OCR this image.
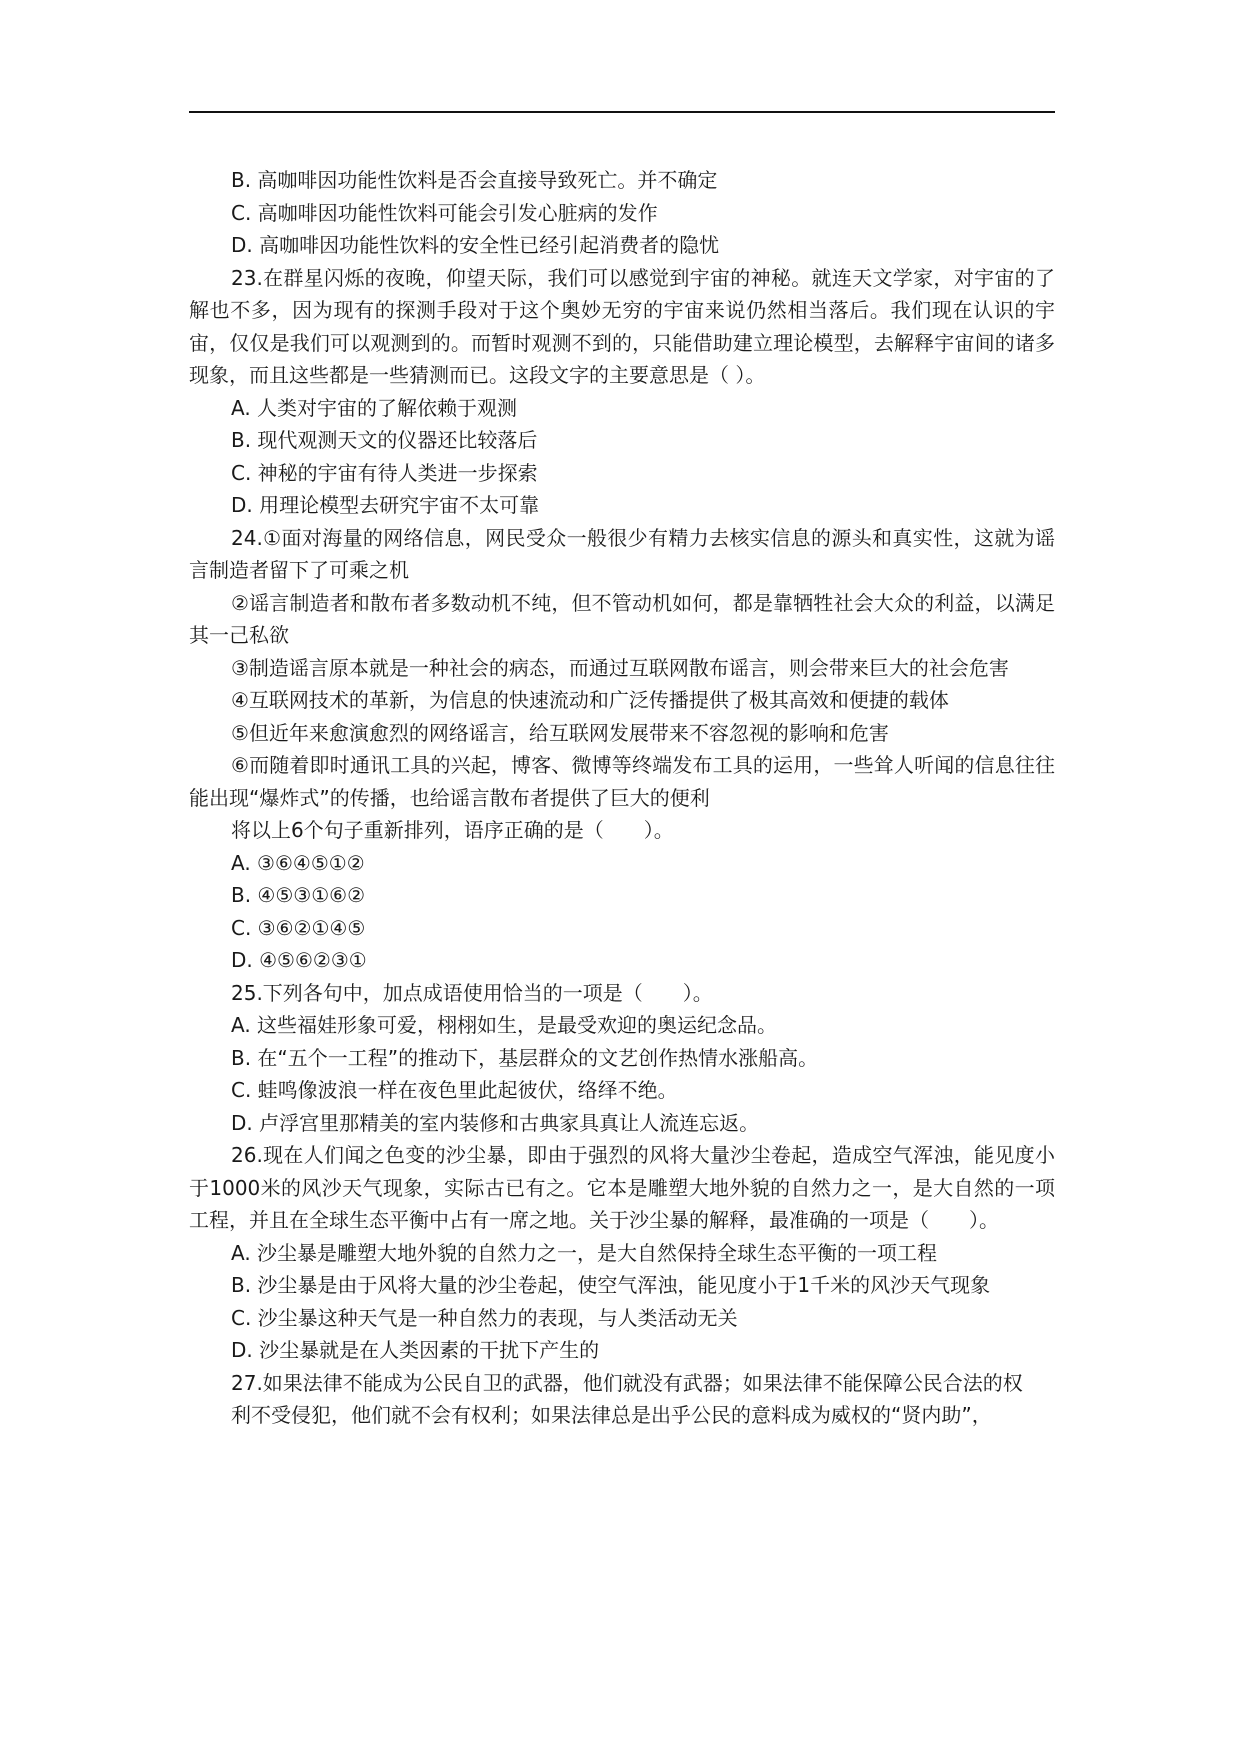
B. 高咖啡因功能性饮料是否会直接导致死亡。并不确定

C. 高咖啡因功能性饮料可能会引发心脏病的发作

D. 高咖啡因功能性饮料的安全性已经引起消费者的隐忧

23.在群星闪烁的夜晚，仰望天际，我们可以感觉到宇宙的神秘。就连天文学家，对宇宙的了解也不多，因为现有的探测手段对于这个奥妙无穷的宇宙来说仍然相当落后。我们现在认识的宇宙，仅仅是我们可以观测到的。而暂时观测不到的，只能借助建立理论模型，去解释宇宙间的诸多现象，而且这些都是一些猜测而已。这段文字的主要意思是（ ）。

A. 人类对宇宙的了解依赖于观测

B. 现代观测天文的仪器还比较落后

C. 神秘的宇宙有待人类进一步探索

D. 用理论模型去研究宇宙不太可靠

24.①面对海量的网络信息，网民受众一般很少有精力去核实信息的源头和真实性，这就为谣言制造者留下了可乘之机

②谣言制造者和散布者多数动机不纯，但不管动机如何，都是靠牺牲社会大众的利益，以满足其一己私欲

③制造谣言原本就是一种社会的病态，而通过互联网散布谣言，则会带来巨大的社会危害

④互联网技术的革新，为信息的快速流动和广泛传播提供了极其高效和便捷的载体

⑤但近年来愈演愈烈的网络谣言，给互联网发展带来不容忽视的影响和危害

⑥而随着即时通讯工具的兴起，博客、微博等终端发布工具的运用，一些耸人听闻的信息往往能出现“爆炸式”的传播，也给谣言散布者提供了巨大的便利

将以上6个句子重新排列，语序正确的是（　　）。

A. ③⑥④⑤①②

B. ④⑤③①⑥②

C. ③⑥②①④⑤

D. ④⑤⑥②③①

25.下列各句中，加点成语使用恰当的一项是（　　）。

A. 这些福娃形象可爱，栩栩如生，是最受欢迎的奥运纪念品。

B. 在“五个一工程”的推动下，基层群众的文艺创作热情水涨船高。

C. 蛙鸣像波浪一样在夜色里此起彼伏，络绎不绝。

D. 卢浮宫里那精美的室内装修和古典家具真让人流连忘返。

26.现在人们闻之色变的沙尘暴，即由于强烈的风将大量沙尘卷起，造成空气浑浊，能见度小于1000米的风沙天气现象，实际古已有之。它本是雕塑大地外貌的自然力之一，是大自然的一项工程，并且在全球生态平衡中占有一席之地。关于沙尘暴的解释，最准确的一项是（　　）。

A. 沙尘暴是雕塑大地外貌的自然力之一，是大自然保持全球生态平衡的一项工程

B. 沙尘暴是由于风将大量的沙尘卷起，使空气浑浊，能见度小于1千米的风沙天气现象

C. 沙尘暴这种天气是一种自然力的表现，与人类活动无关

D. 沙尘暴就是在人类因素的干扰下产生的

27.如果法律不能成为公民自卫的武器，他们就没有武器；如果法律不能保障公民合法的权

利不受侵犯，他们就不会有权利；如果法律总是出乎公民的意料成为威权的“贤内助”，
